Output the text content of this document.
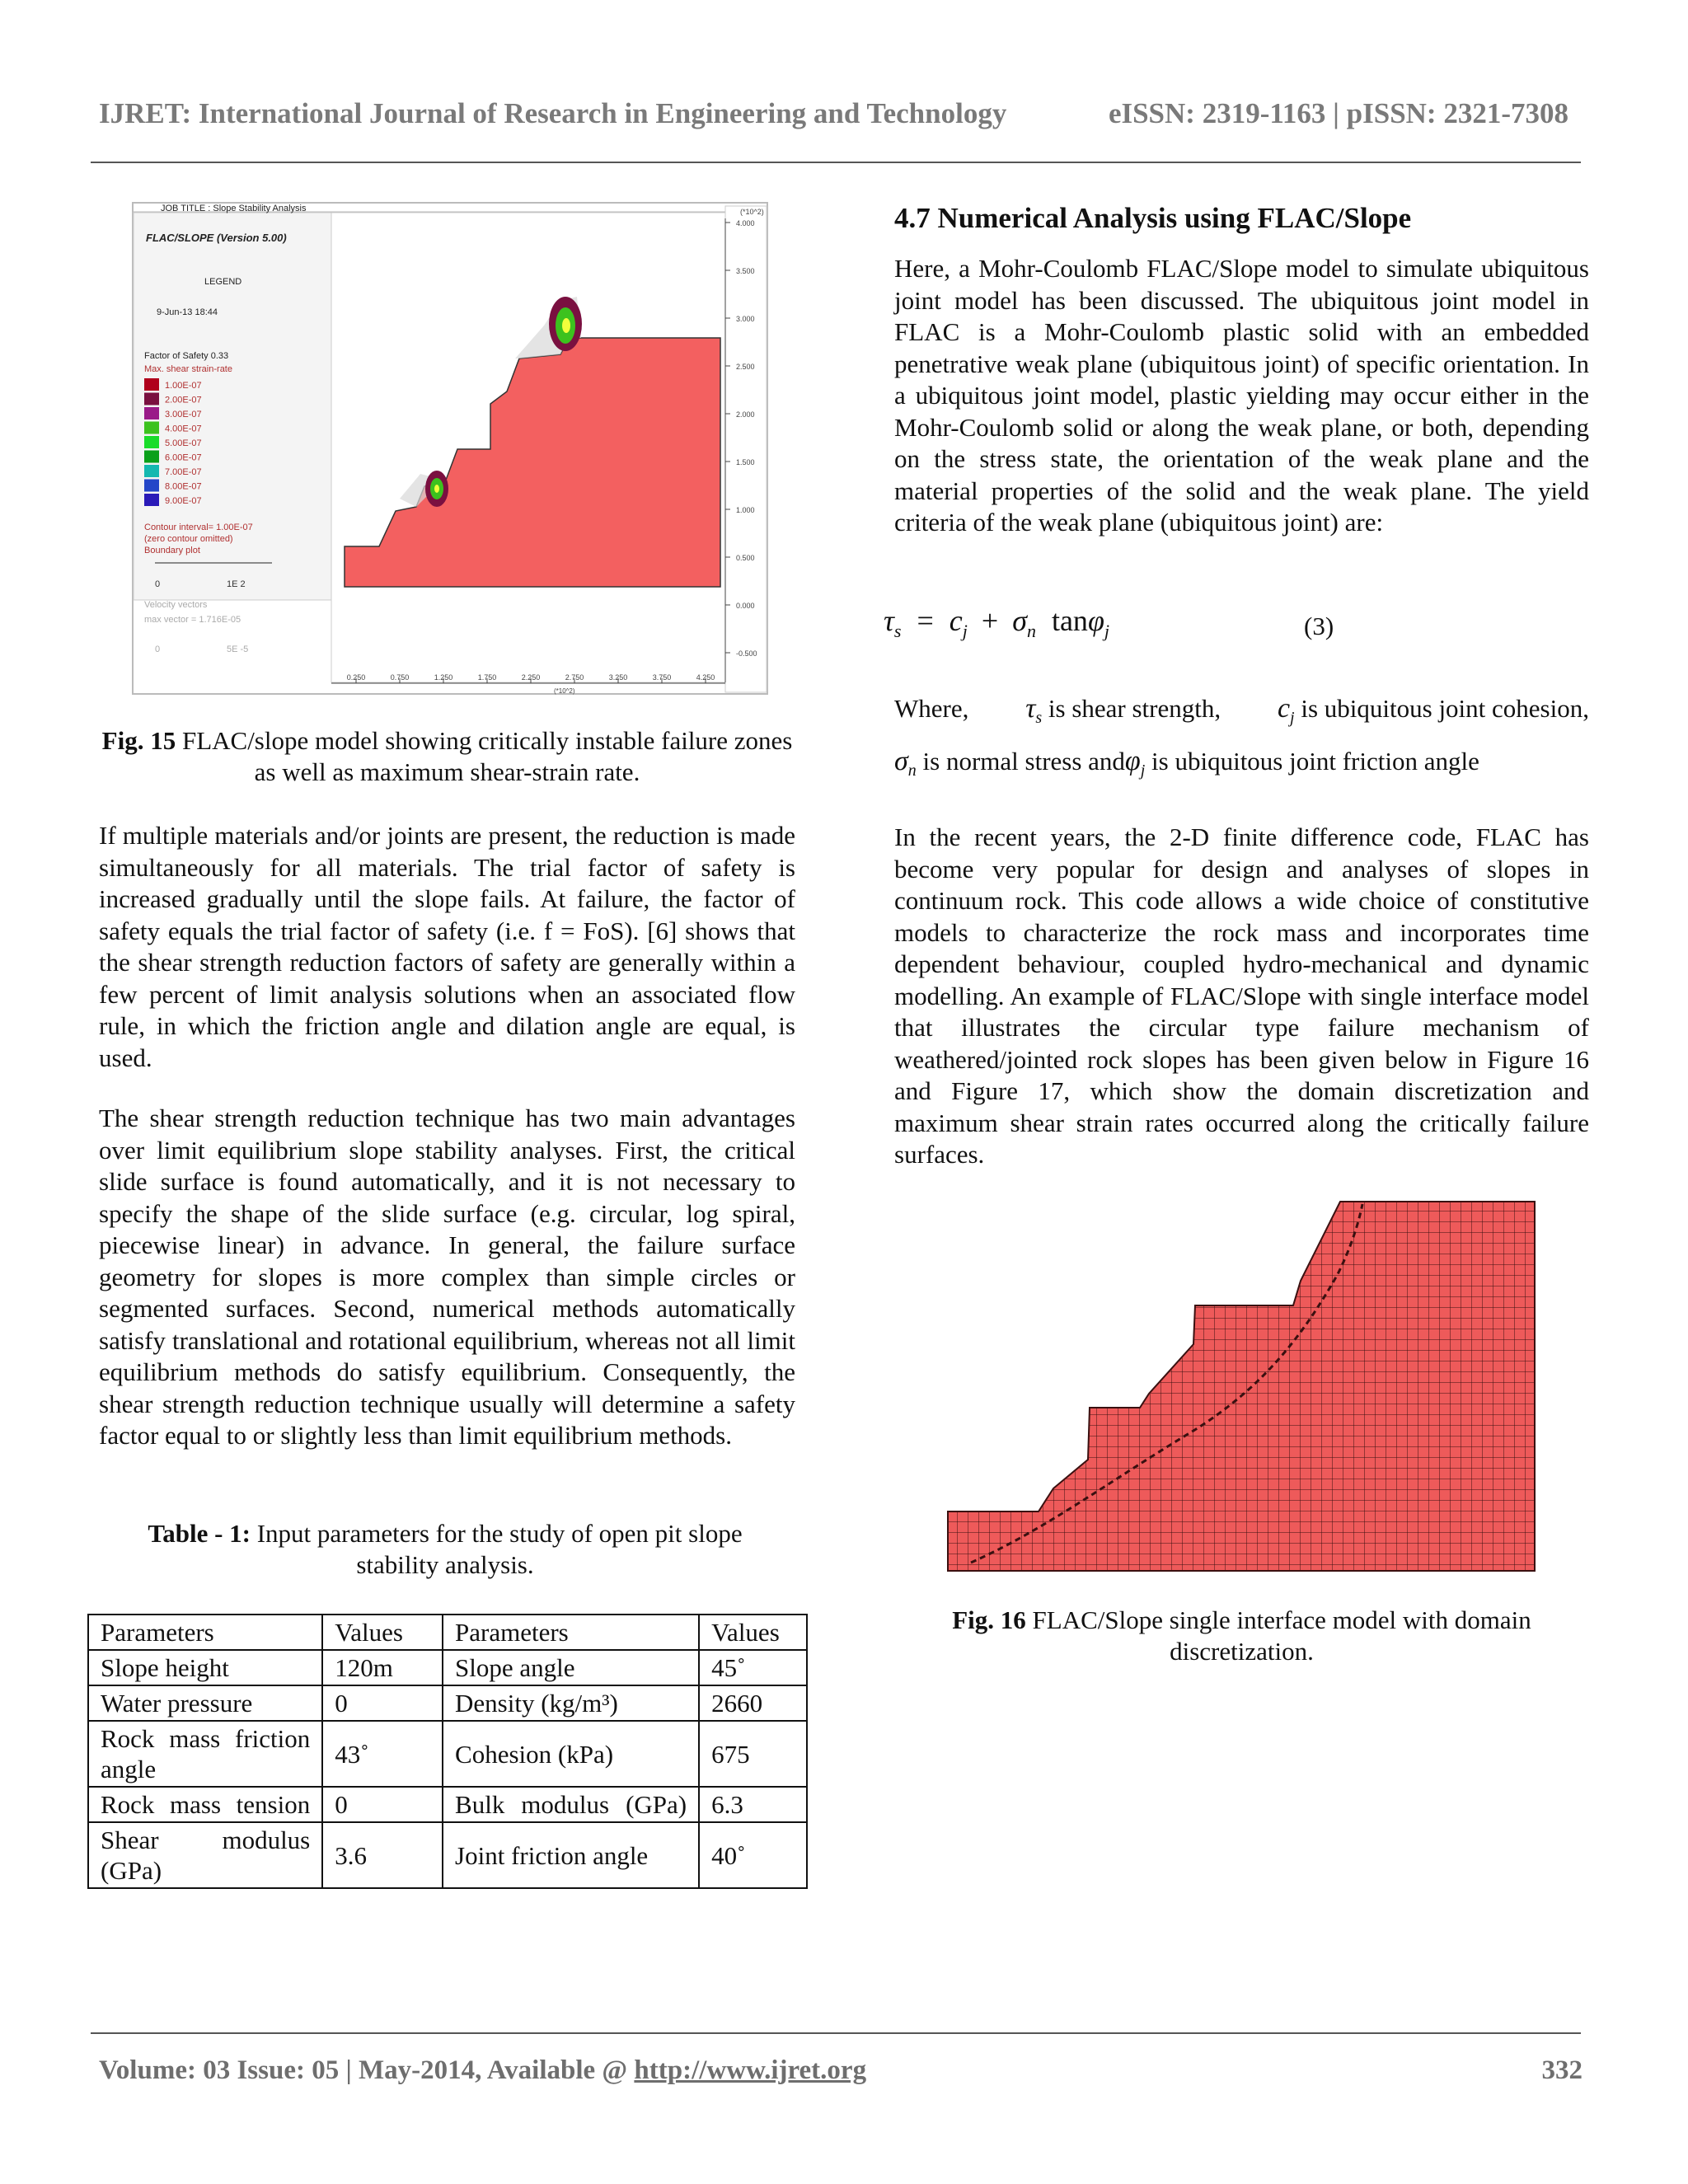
IJRET: International Journal of Research in Engineering and Technology	eISSN: 2319-1163 | pISSN: 2321-7308
JOB TITLE : Slope Stability Analysis
FLAC/SLOPE (Version 5.00)
LEGEND
9-Jun-13 18:44
Factor of Safety 0.33
Max. shear strain-rate
1.00E-07
2.00E-07
3.00E-07
4.00E-07
5.00E-07
6.00E-07
7.00E-07
8.00E-07
9.00E-07
Contour interval= 1.00E-07
(zero contour omitted)
Boundary plot
0	1E 2
Velocity vectors
max vector = 1.716E-05
0	5E -5
4.000
3.500
3.000
2.500
2.000
1.500
1.000
0.500
0.000
-0.500
(*10^2)
0.250	0.750	1.250	1.750	2.250	2.750	3.250	3.750	4.250
(*10^2)
Fig. 15 FLAC/slope model showing critically instable failure zones as well as maximum shear-strain rate.
If multiple materials and/or joints are present, the reduction is made simultaneously for all materials. The trial factor of safety is increased gradually until the slope fails. At failure, the factor of safety equals the trial factor of safety (i.e. f = FoS). [6] shows that the shear strength reduction factors of safety are generally within a few percent of limit analysis solutions when an associated flow rule, in which the friction angle and dilation angle are equal, is used.
The shear strength reduction technique has two main advantages over limit equilibrium slope stability analyses. First, the critical slide surface is found automatically, and it is not necessary to specify the shape of the slide surface (e.g. circular, log spiral, piecewise linear) in advance. In general, the failure surface geometry for slopes is more complex than simple circles or segmented surfaces. Second, numerical methods automatically satisfy translational and rotational equilibrium, whereas not all limit equilibrium methods do satisfy equilibrium. Consequently, the shear strength reduction technique usually will determine a safety factor equal to or slightly less than limit equilibrium methods.
Table - 1: Input parameters for the study of open pit slope stability analysis.
Parameters	Values	Parameters	Values
Slope height	120m	Slope angle	45˚
Water pressure	0	Density (kg/m³)	2660
Rock mass friction angle	43˚	Cohesion (kPa)	675
Rock mass tension	0	Bulk modulus (GPa)	6.3
Shear modulus (GPa)	3.6	Joint friction angle	40˚
4.7 Numerical Analysis using FLAC/Slope
Here, a Mohr-Coulomb FLAC/Slope model to simulate ubiquitous joint model has been discussed. The ubiquitous joint model in FLAC is a Mohr-Coulomb plastic solid with an embedded penetrative weak plane (ubiquitous joint) of specific orientation. In a ubiquitous joint model, plastic yielding may occur either in the Mohr-Coulomb solid or along the weak plane, or both, depending on the stress state, the orientation of the weak plane and the material properties of the solid and the weak plane. The yield criteria of the weak plane (ubiquitous joint) are:
$\tau_s = c_j + \sigma_n$ tanφ$_j$	(3)
Where, $\tau_s$ is shear strength, $c_j$ is ubiquitous joint cohesion,
$\sigma_n$ is normal stress andφ$_j$ is ubiquitous joint friction angle
In the recent years, the 2-D finite difference code, FLAC has become very popular for design and analyses of slopes in continuum rock. This code allows a wide choice of constitutive models to characterize the rock mass and incorporates time dependent behaviour, coupled hydro-mechanical and dynamic modelling. An example of FLAC/Slope with single interface model that illustrates the circular type failure mechanism of weathered/jointed rock slopes has been given below in Figure 16 and Figure 17, which show the domain discretization and maximum shear strain rates occurred along the critically failure surfaces.
Fig. 16 FLAC/Slope single interface model with domain discretization.
Volume: 03 Issue: 05 | May-2014, Available @ http://www.ijret.org	332
